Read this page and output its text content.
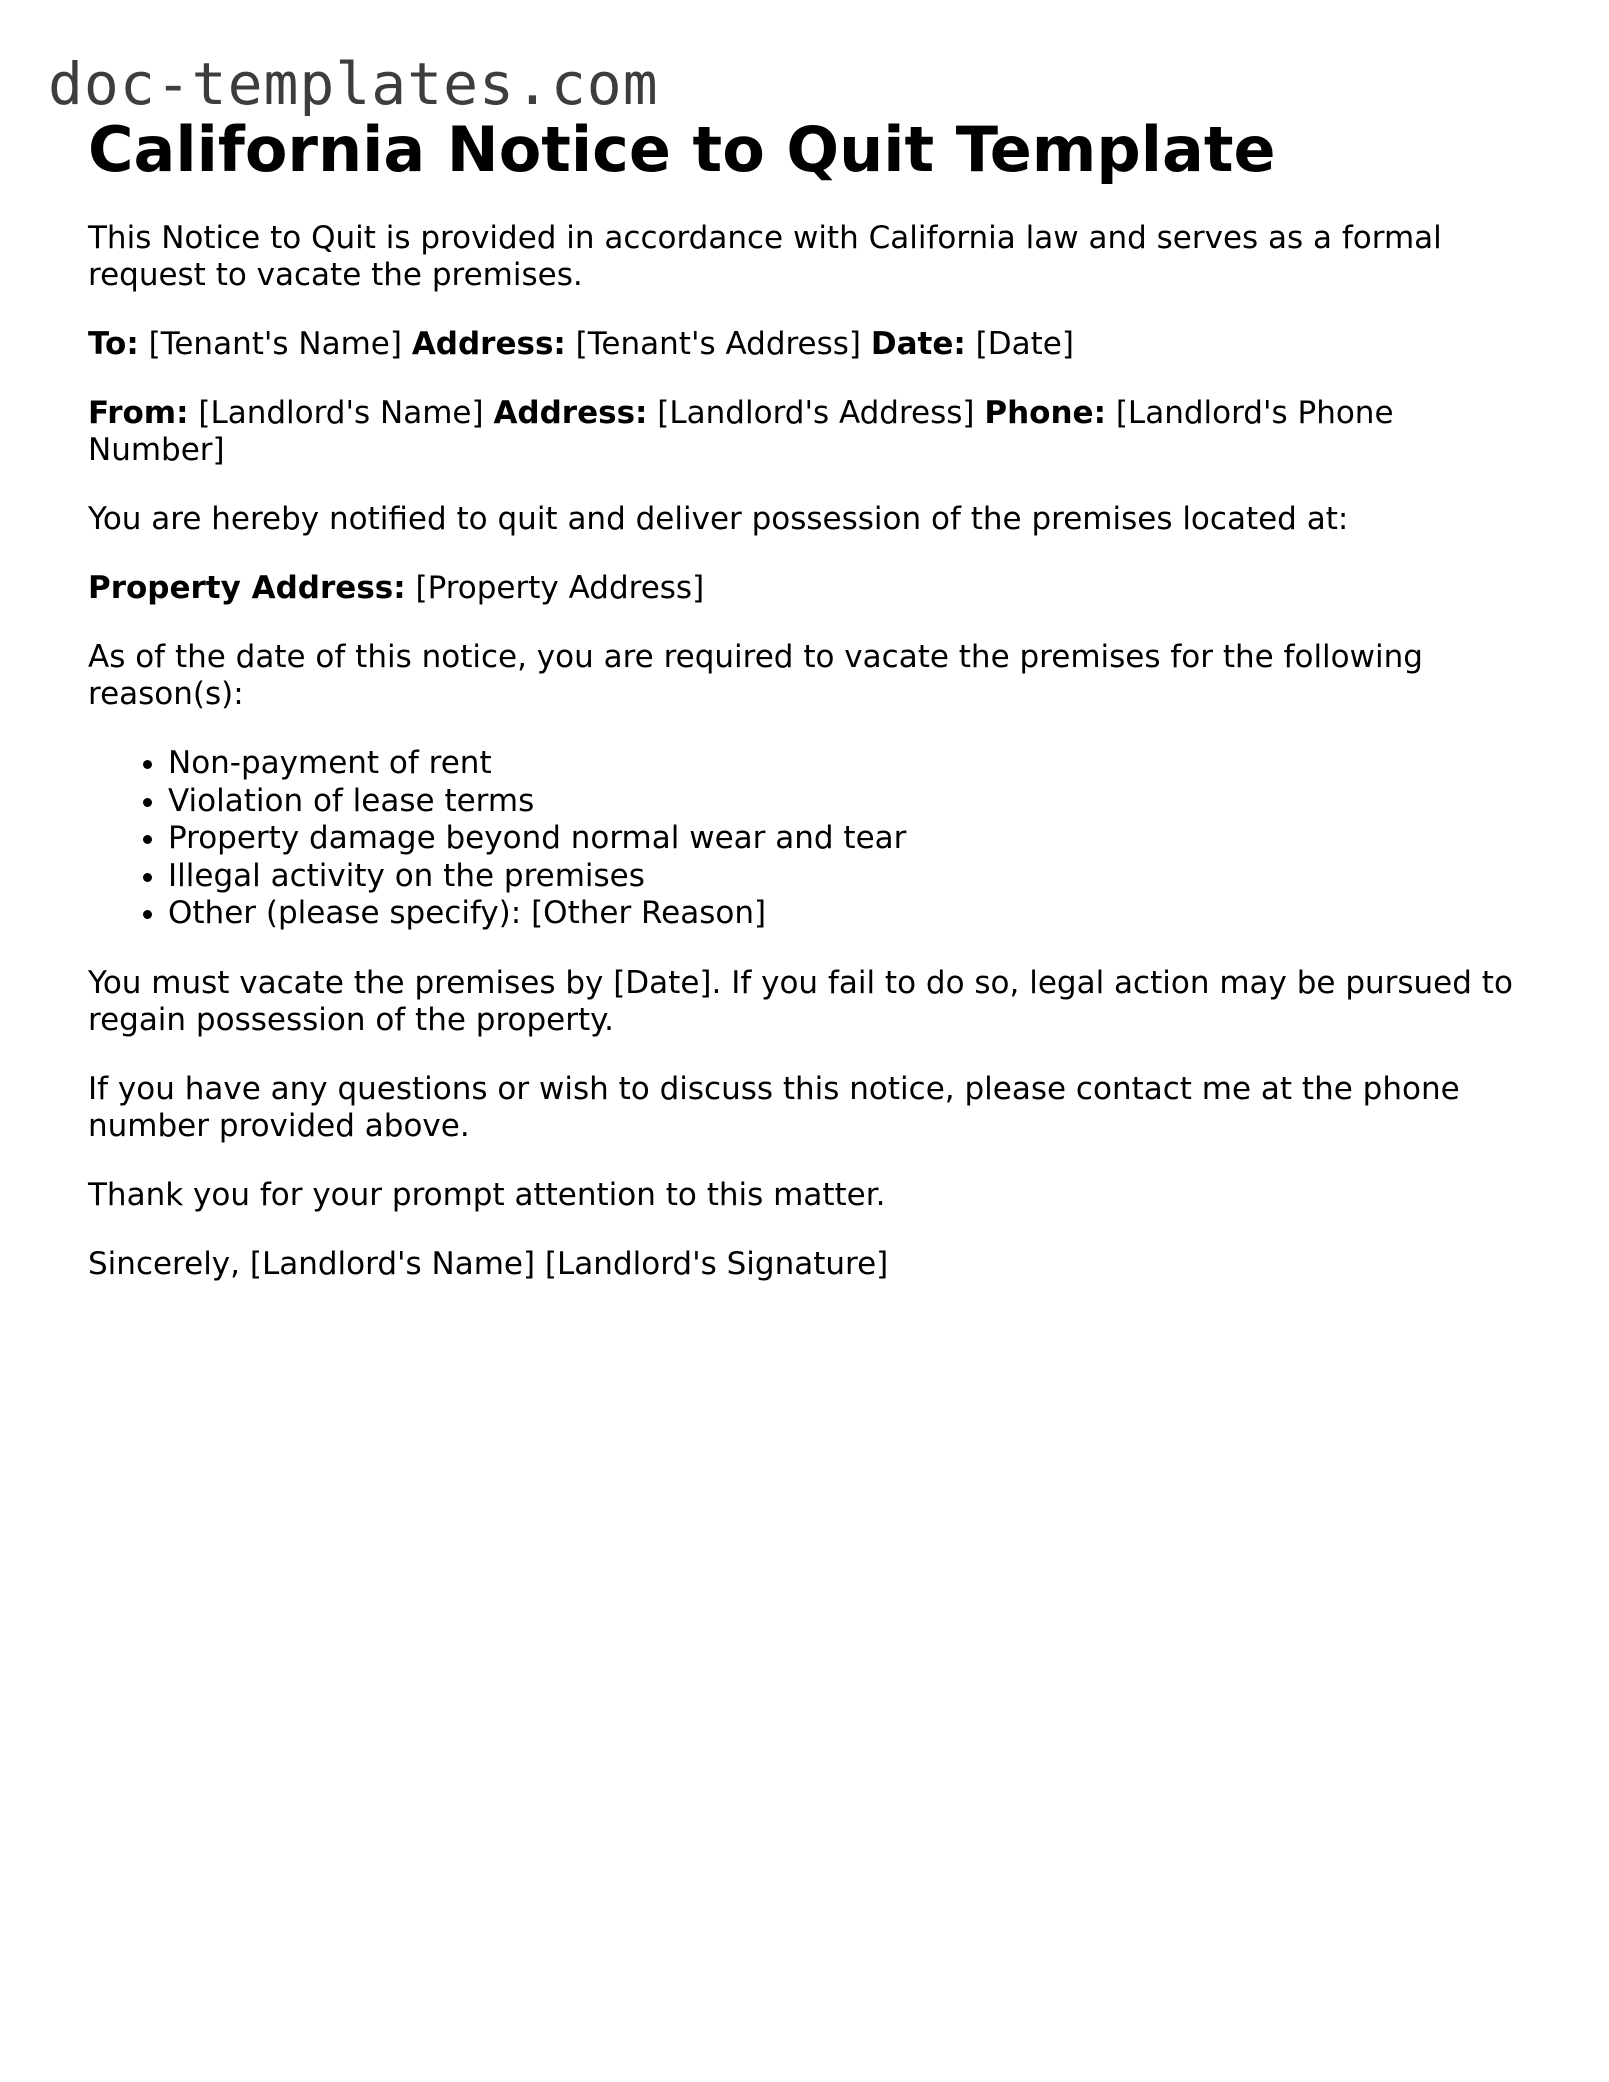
doc-templates.com
California Notice to Quit Template

This Notice to Quit is provided in accordance with California law and serves as a formal request to vacate the premises.

To: [Tenant's Name] Address: [Tenant's Address] Date: [Date]

From: [Landlord's Name] Address: [Landlord's Address] Phone: [Landlord's Phone Number]

You are hereby notified to quit and deliver possession of the premises located at:

Property Address: [Property Address]

As of the date of this notice, you are required to vacate the premises for the following reason(s):

• Non-payment of rent
• Violation of lease terms
• Property damage beyond normal wear and tear
• Illegal activity on the premises
• Other (please specify): [Other Reason]

You must vacate the premises by [Date]. If you fail to do so, legal action may be pursued to regain possession of the property.

If you have any questions or wish to discuss this notice, please contact me at the phone number provided above.

Thank you for your prompt attention to this matter.

Sincerely, [Landlord's Name] [Landlord's Signature]
